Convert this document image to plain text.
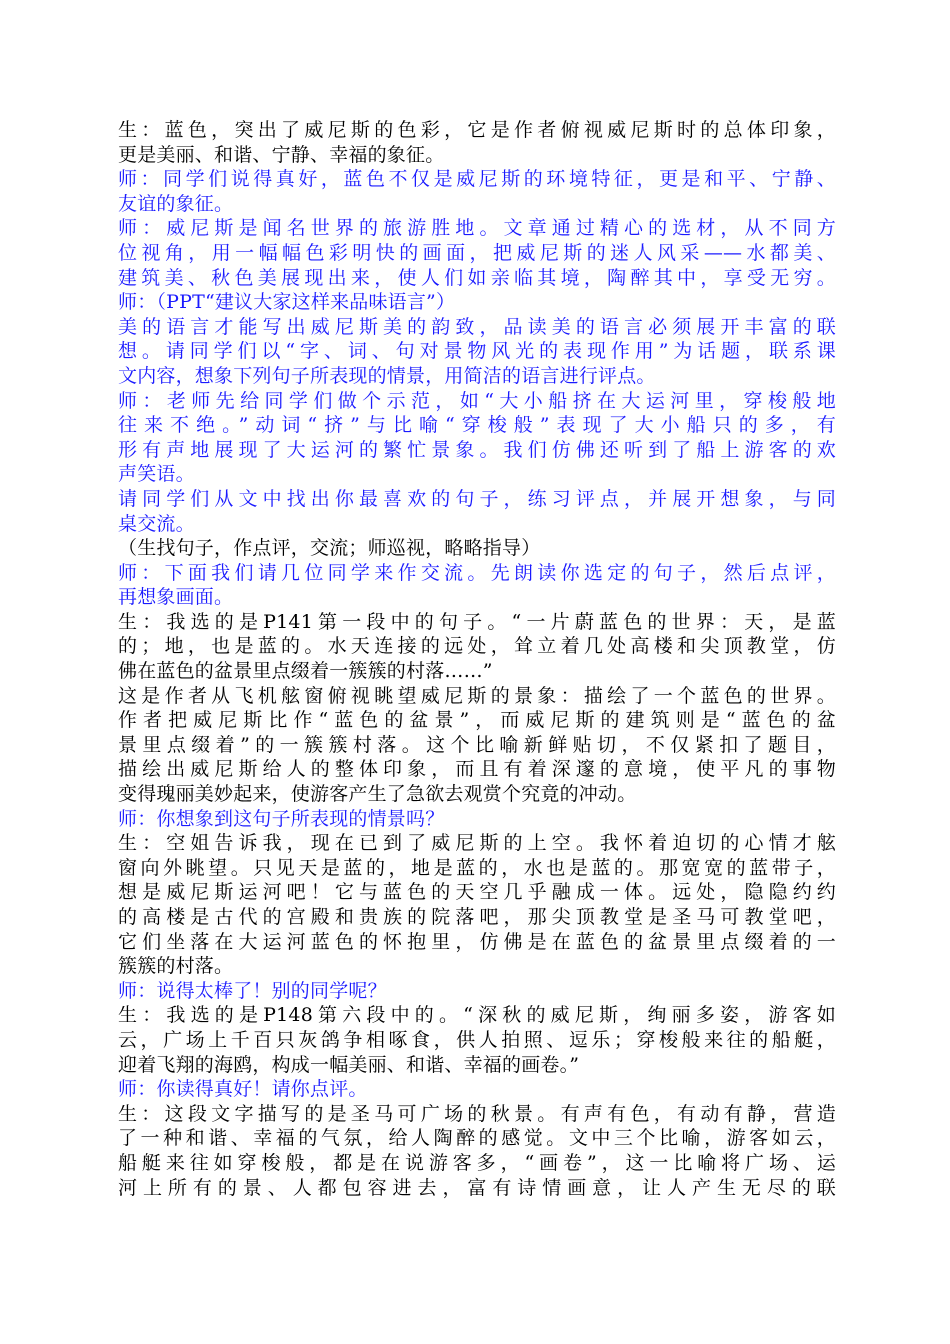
生：蓝色，突出了威尼斯的色彩，它是作者俯视威尼斯时的总体印象，
更是美丽、和谐、宁静、幸福的象征。
师：同学们说得真好，蓝色不仅是威尼斯的环境特征，更是和平、宁静、
友谊的象征。
师：威尼斯是闻名世界的旅游胜地。文章通过精心的选材，从不同方
位视角，用一幅幅色彩明快的画面，把威尼斯的迷人风采——水都美、
建筑美、秋色美展现出来，使人们如亲临其境，陶醉其中，享受无穷。
师：（PPT“建议大家这样来品味语言”）
美的语言才能写出威尼斯美的韵致，品读美的语言必须展开丰富的联
想。请同学们以“字、词、句对景物风光的表现作用”为话题，联系课
文内容，想象下列句子所表现的情景，用简洁的语言进行评点。
师：老师先给同学们做个示范，如“大小船挤在大运河里，穿梭般地
往来不绝。”动词“挤”与比喻“穿梭般”表现了大小船只的多，有
形有声地展现了大运河的繁忙景象。我们仿佛还听到了船上游客的欢
声笑语。
请同学们从文中找出你最喜欢的句子，练习评点，并展开想象，与同
桌交流。
（生找句子，作点评，交流；师巡视，略略指导）
师：下面我们请几位同学来作交流。先朗读你选定的句子，然后点评，
再想象画面。
生：我选的是P141第一段中的句子。“一片蔚蓝色的世界：天，是蓝
的；地，也是蓝的。水天连接的远处，耸立着几处高楼和尖顶教堂，仿
佛在蓝色的盆景里点缀着一簇簇的村落……”
这是作者从飞机舷窗俯视眺望威尼斯的景象：描绘了一个蓝色的世界。
作者把威尼斯比作“蓝色的盆景”，而威尼斯的建筑则是“蓝色的盆
景里点缀着”的一簇簇村落。这个比喻新鲜贴切，不仅紧扣了题目，
描绘出威尼斯给人的整体印象，而且有着深邃的意境，使平凡的事物
变得瑰丽美妙起来，使游客产生了急欲去观赏个究竟的冲动。
师：你想象到这句子所表现的情景吗？
生：空姐告诉我，现在已到了威尼斯的上空。我怀着迫切的心情才舷
窗向外眺望。只见天是蓝的，地是蓝的，水也是蓝的。那宽宽的蓝带子，
想是威尼斯运河吧！它与蓝色的天空几乎融成一体。远处，隐隐约约
的高楼是古代的宫殿和贵族的院落吧，那尖顶教堂是圣马可教堂吧，
它们坐落在大运河蓝色的怀抱里，仿佛是在蓝色的盆景里点缀着的一
簇簇的村落。
师：说得太棒了！别的同学呢？
生：我选的是P148第六段中的。“深秋的威尼斯，绚丽多姿，游客如
云，广场上千百只灰鸽争相啄食，供人拍照、逗乐；穿梭般来往的船艇，
迎着飞翔的海鸥，构成一幅美丽、和谐、幸福的画卷。”
师：你读得真好！请你点评。
生：这段文字描写的是圣马可广场的秋景。有声有色，有动有静，营造
了一种和谐、幸福的气氛，给人陶醉的感觉。文中三个比喻，游客如云，
船艇来往如穿梭般，都是在说游客多，“画卷”，这一比喻将广场、运
河上所有的景、人都包容进去，富有诗情画意，让人产生无尽的联
